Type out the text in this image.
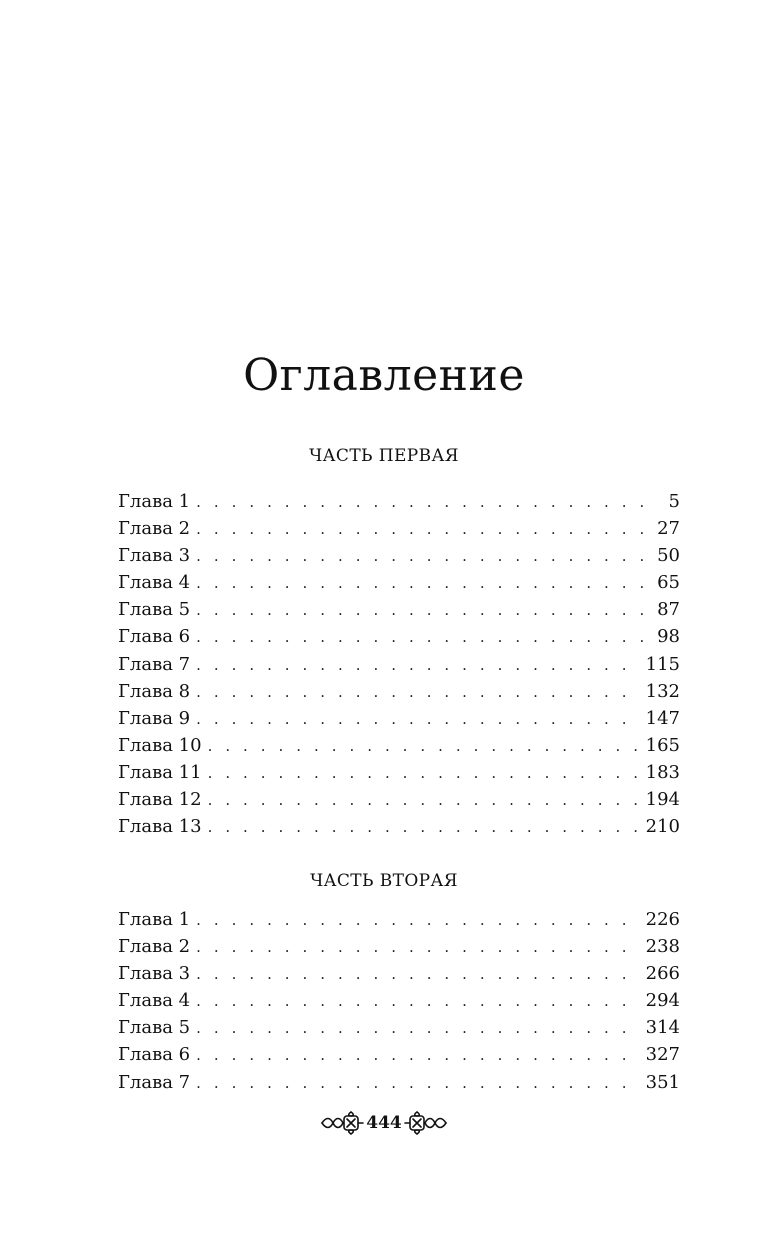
Оглавление
ЧАСТЬ ПЕРВАЯ
Глава 1 . . .	5
Глава 2 . . .	27
Глава 3 . . .	50
Глава 4 . . .	65
Глава 5 . . .	87
Глава 6 . . .	98
Глава 7 . . .	115
Глава 8 . . .	132
Глава 9 . . .	147
Глава 10 . . .	165
Глава 11 . . .	183
Глава 12 . . .	194
Глава 13 . . .	210
ЧАСТЬ ВТОРАЯ
Глава 1 . . .	226
Глава 2 . . .	238
Глава 3 . . .	266
Глава 4 . . .	294
Глава 5 . . .	314
Глава 6 . . .	327
Глава 7 . . .	351
444
